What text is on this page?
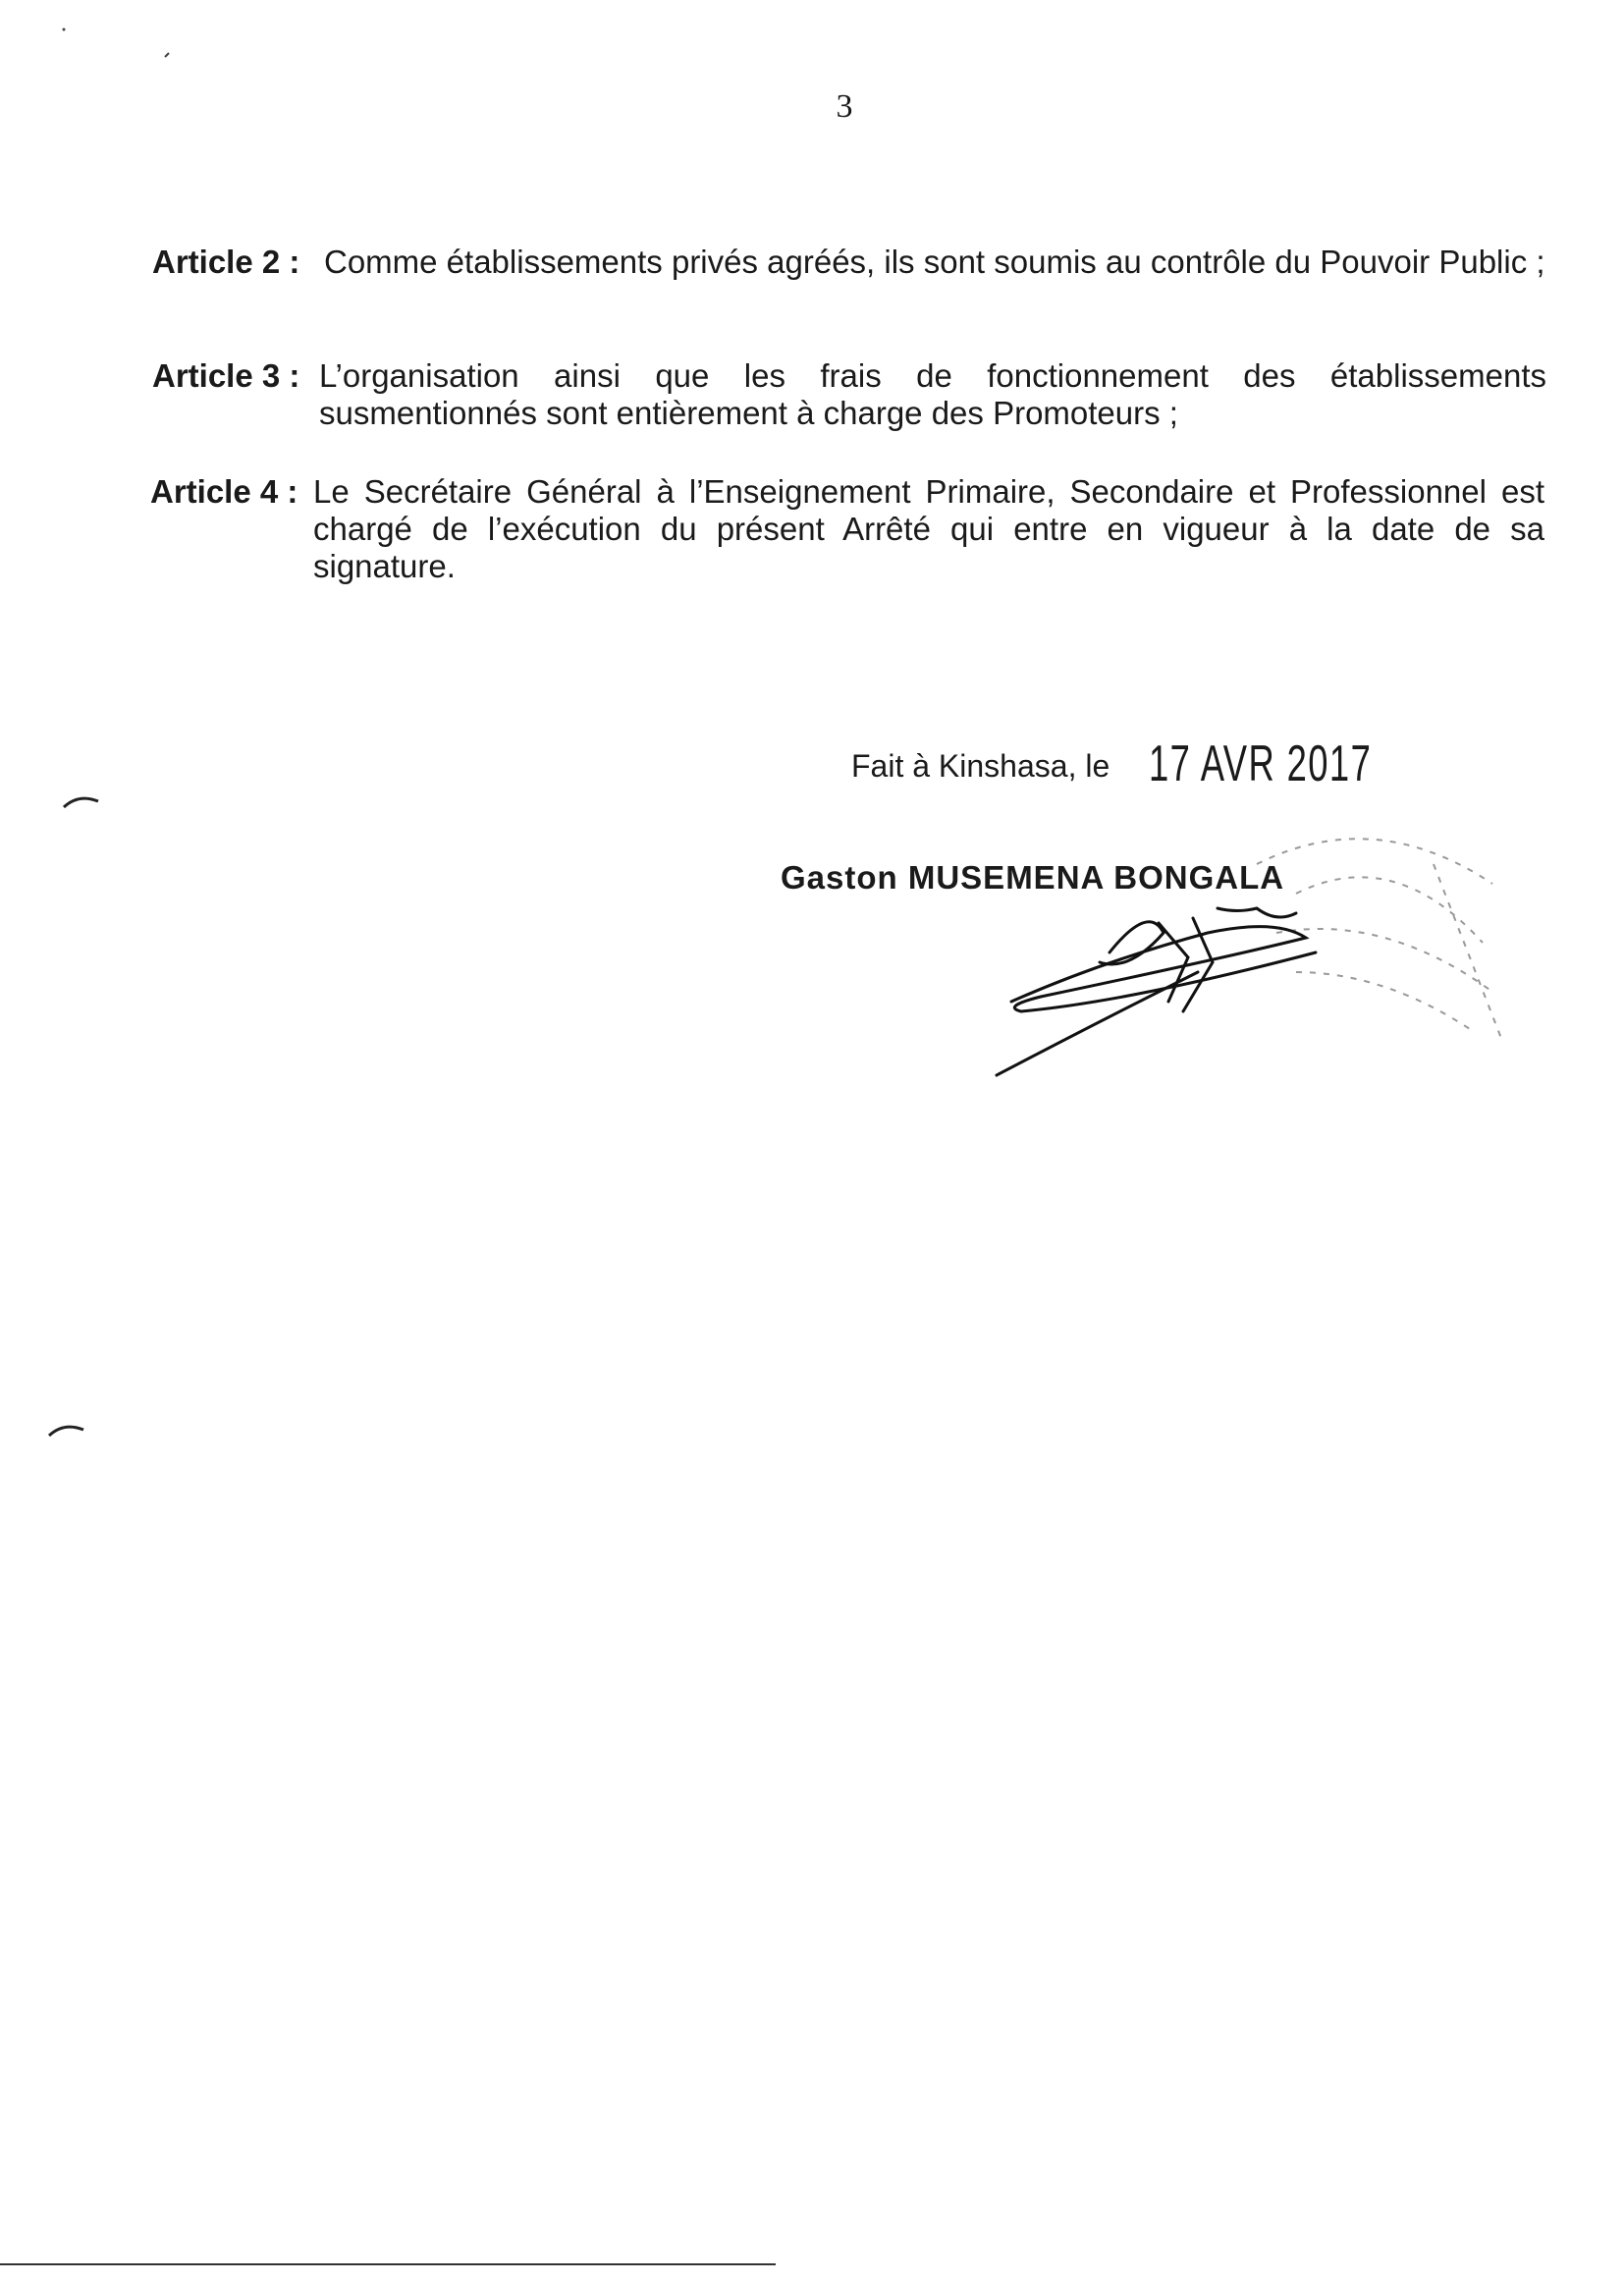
3
Article 2 : Comme établissements privés agréés, ils sont soumis au contrôle du Pouvoir Public ;
Article 3 : L’organisation ainsi que les frais de fonctionnement des établissements susmentionnés sont entièrement à charge des Promoteurs ;
Article 4 : Le Secrétaire Général à l’Enseignement Primaire, Secondaire et Professionnel est chargé de l’exécution du présent Arrêté qui entre en vigueur à la date de sa signature.
Fait à Kinshasa, le 17 AVR 2017
Gaston MUSEMENA BONGALA
